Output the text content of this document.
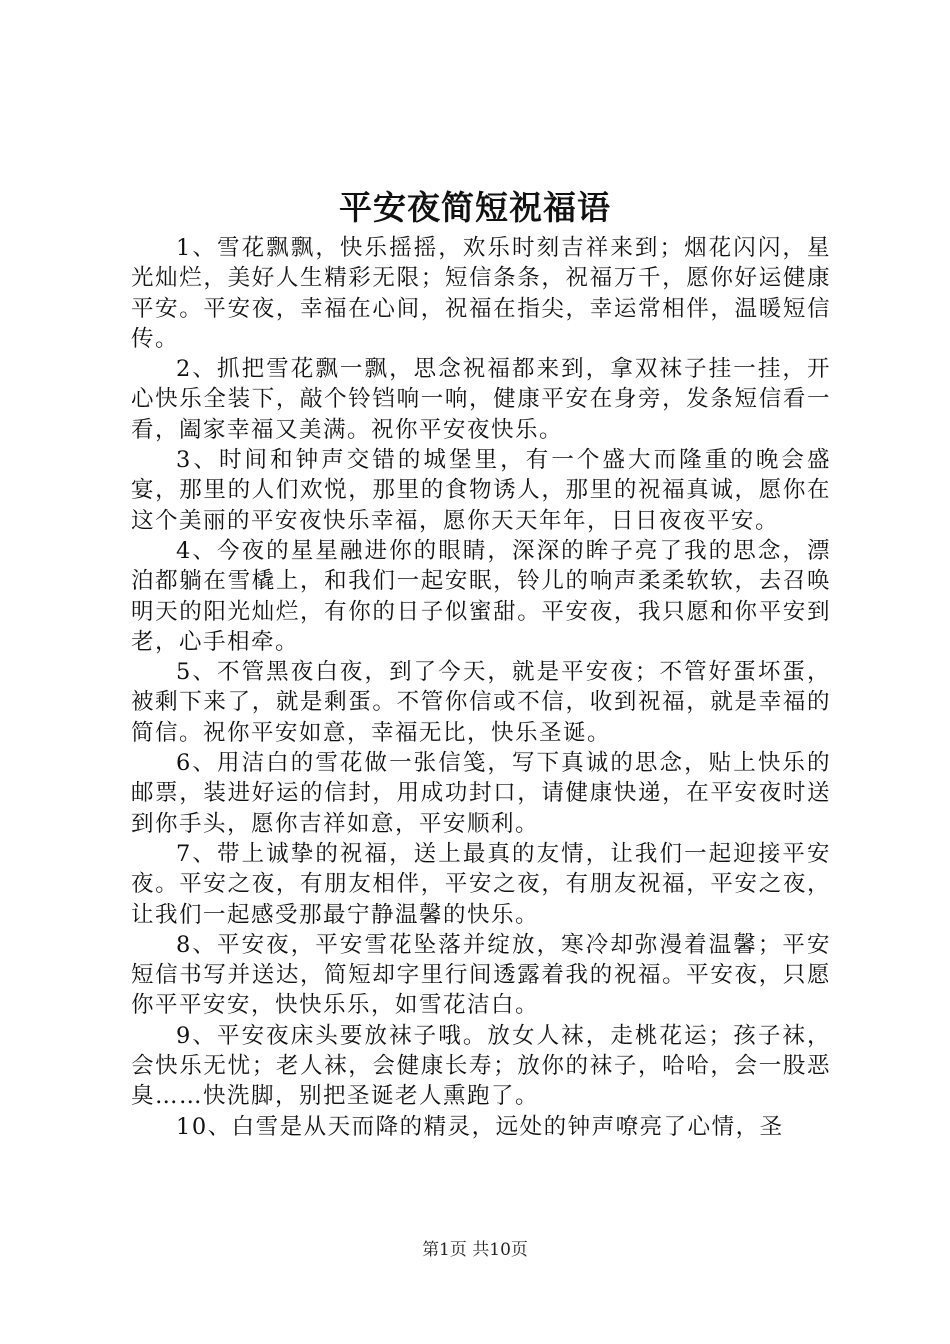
平安夜简短祝福语

1、雪花飘飘，快乐摇摇，欢乐时刻吉祥来到；烟花闪闪，星光灿烂，美好人生精彩无限；短信条条，祝福万千，愿你好运健康平安。平安夜，幸福在心间，祝福在指尖，幸运常相伴，温暖短信传。

2、抓把雪花飘一飘，思念祝福都来到，拿双袜子挂一挂，开心快乐全装下，敲个铃铛响一响，健康平安在身旁，发条短信看一看，阖家幸福又美满。祝你平安夜快乐。

3、时间和钟声交错的城堡里，有一个盛大而隆重的晚会盛宴，那里的人们欢悦，那里的食物诱人，那里的祝福真诚，愿你在这个美丽的平安夜快乐幸福，愿你天天年年，日日夜夜平安。

4、今夜的星星融进你的眼睛，深深的眸子亮了我的思念，漂泊都躺在雪橇上，和我们一起安眠，铃儿的响声柔柔软软，去召唤明天的阳光灿烂，有你的日子似蜜甜。平安夜，我只愿和你平安到老，心手相牵。

5、不管黑夜白夜，到了今天，就是平安夜；不管好蛋坏蛋，被剩下来了，就是剩蛋。不管你信或不信，收到祝福，就是幸福的简信。祝你平安如意，幸福无比，快乐圣诞。

6、用洁白的雪花做一张信笺，写下真诚的思念，贴上快乐的邮票，装进好运的信封，用成功封口，请健康快递，在平安夜时送到你手头，愿你吉祥如意，平安顺利。

7、带上诚挚的祝福，送上最真的友情，让我们一起迎接平安夜。平安之夜，有朋友相伴，平安之夜，有朋友祝福，平安之夜，让我们一起感受那最宁静温馨的快乐。

8、平安夜，平安雪花坠落并绽放，寒冷却弥漫着温馨；平安短信书写并送达，简短却字里行间透露着我的祝福。平安夜，只愿你平平安安，快快乐乐，如雪花洁白。

9、平安夜床头要放袜子哦。放女人袜，走桃花运；孩子袜，会快乐无忧；老人袜，会健康长寿；放你的袜子，哈哈，会一股恶臭……快洗脚，别把圣诞老人熏跑了。

10、白雪是从天而降的精灵，远处的钟声嘹亮了心情，圣

第1页 共10页
